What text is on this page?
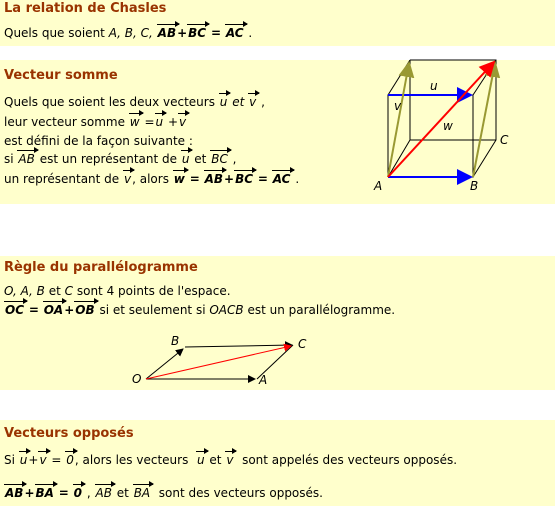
La relation de Chasles
Quels que soient A, B, C, AB+BC = AC .
Vecteur somme
Quels que soient les deux vecteurs u et v ,
leur vecteur somme w =u +v
est défini de la façon suivante :
si AB est un représentant de u et BC ,
un représentant de v, alors w = AB+BC = AC .
u
v
w
A	B
C
Règle du parallélogramme
O, A, B et C sont 4 points de l'espace.
OC = OA+OB si et seulement si OACB est un parallélogramme.
O	A
B	C
Vecteurs opposés
Si u+v = 0, alors les vecteurs u et v sont appelés des vecteurs opposés.
AB+BA = 0 , AB et BA sont des vecteurs opposés.
